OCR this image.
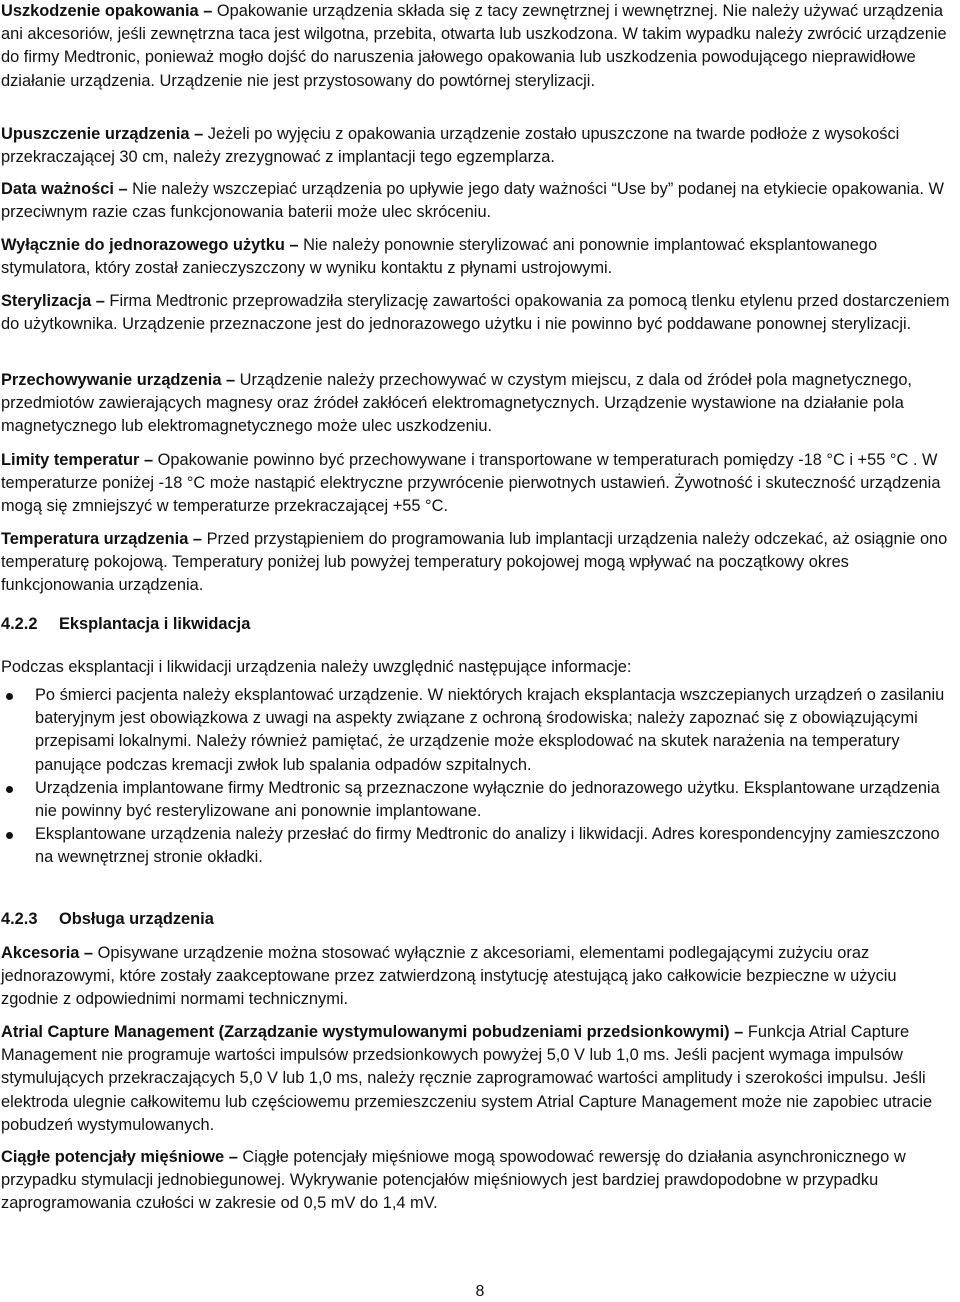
Uszkodzenie opakowania – Opakowanie urządzenia składa się z tacy zewnętrznej i wewnętrznej. Nie należy używać urządzenia ani akcesoriów, jeśli zewnętrzna taca jest wilgotna, przebita, otwarta lub uszkodzona. W takim wypadku należy zwrócić urządzenie do firmy Medtronic, ponieważ mogło dojść do naruszenia jałowego opakowania lub uszkodzenia powodującego nieprawidłowe działanie urządzenia. Urządzenie nie jest przystosowany do powtórnej sterylizacji.

Upuszczenie urządzenia – Jeżeli po wyjęciu z opakowania urządzenie zostało upuszczone na twarde podłoże z wysokości przekraczającej 30 cm, należy zrezygnować z implantacji tego egzemplarza.

Data ważności – Nie należy wszczepiać urządzenia po upływie jego daty ważności “Use by” podanej na etykiecie opakowania. W przeciwnym razie czas funkcjonowania baterii może ulec skróceniu.

Wyłącznie do jednorazowego użytku – Nie należy ponownie sterylizować ani ponownie implantować eksplantowanego stymulatora, który został zanieczyszczony w wyniku kontaktu z płynami ustrojowymi.

Sterylizacja – Firma Medtronic przeprowadziła sterylizację zawartości opakowania za pomocą tlenku etylenu przed dostarczeniem do użytkownika. Urządzenie przeznaczone jest do jednorazowego użytku i nie powinno być poddawane ponownej sterylizacji.

Przechowywanie urządzenia – Urządzenie należy przechowywać w czystym miejscu, z dala od źródeł pola magnetycznego, przedmiotów zawierających magnesy oraz źródeł zakłóceń elektromagnetycznych. Urządzenie wystawione na działanie pola magnetycznego lub elektromagnetycznego może ulec uszkodzeniu.

Limity temperatur – Opakowanie powinno być przechowywane i transportowane w temperaturach pomiędzy -18 °C i +55 °C . W temperaturze poniżej -18 °C może nastąpić elektryczne przywrócenie pierwotnych ustawień. Żywotność i skuteczność urządzenia mogą się zmniejszyć w temperaturze przekraczającej +55 °C.

Temperatura urządzenia – Przed przystąpieniem do programowania lub implantacji urządzenia należy odczekać, aż osiągnie ono temperaturę pokojową. Temperatury poniżej lub powyżej temperatury pokojowej mogą wpływać na początkowy okres funkcjonowania urządzenia.

4.2.2 Eksplantacja i likwidacja

Podczas eksplantacji i likwidacji urządzenia należy uwzględnić następujące informacje:

Po śmierci pacjenta należy eksplantować urządzenie. W niektórych krajach eksplantacja wszczepianych urządzeń o zasilaniu bateryjnym jest obowiązkowa z uwagi na aspekty związane z ochroną środowiska; należy zapoznać się z obowiązującymi przepisami lokalnymi. Należy również pamiętać, że urządzenie może eksplodować na skutek narażenia na temperatury panujące podczas kremacji zwłok lub spalania odpadów szpitalnych.
Urządzenia implantowane firmy Medtronic są przeznaczone wyłącznie do jednorazowego użytku. Eksplantowane urządzenia nie powinny być resterylizowane ani ponownie implantowane.
Eksplantowane urządzenia należy przesłać do firmy Medtronic do analizy i likwidacji. Adres korespondencyjny zamieszczono na wewnętrznej stronie okładki.
4.2.3 Obsługa urządzenia

Akcesoria – Opisywane urządzenie można stosować wyłącznie z akcesoriami, elementami podlegającymi zużyciu oraz jednorazowymi, które zostały zaakceptowane przez zatwierdzoną instytucję atestującą jako całkowicie bezpieczne w użyciu zgodnie z odpowiednimi normami technicznymi.

Atrial Capture Management (Zarządzanie wystymulowanymi pobudzeniami przedsionkowymi) – Funkcja Atrial Capture Management nie programuje wartości impulsów przedsionkowych powyżej 5,0 V lub 1,0 ms. Jeśli pacjent wymaga impulsów stymulujących przekraczających 5,0 V lub 1,0 ms, należy ręcznie zaprogramować wartości amplitudy i szerokości impulsu. Jeśli elektroda ulegnie całkowitemu lub częściowemu przemieszczeniu system Atrial Capture Management może nie zapobiec utracie pobudzeń wystymulowanych.

Ciągłe potencjały mięśniowe – Ciągłe potencjały mięśniowe mogą spowodować rewersję do działania asynchronicznego w przypadku stymulacji jednobiegunowej. Wykrywanie potencjałów mięśniowych jest bardziej prawdopodobne w przypadku zaprogramowania czułości w zakresie od 0,5 mV do 1,4 mV.

8
